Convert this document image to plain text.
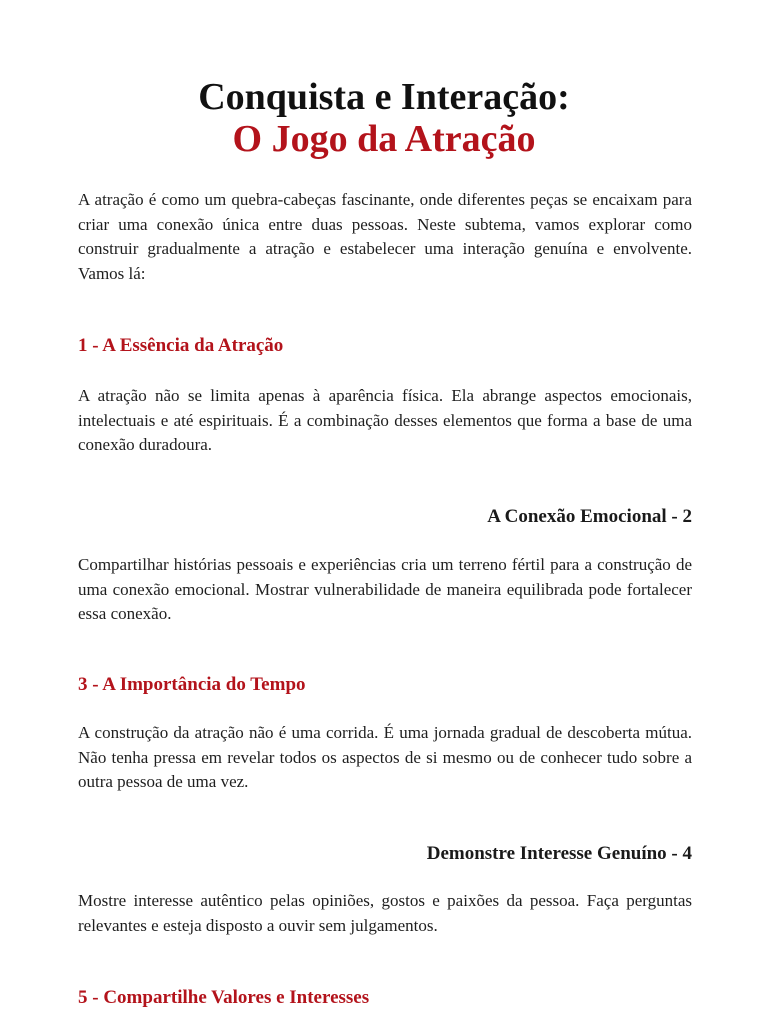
Conquista e Interação:
O Jogo da Atração
A atração é como um quebra-cabeças fascinante, onde diferentes peças se encaixam para criar uma conexão única entre duas pessoas. Neste subtema, vamos explorar como construir gradualmente a atração e estabelecer uma interação genuína e envolvente. Vamos lá:
1 - A Essência da Atração
A atração não se limita apenas à aparência física. Ela abrange aspectos emocionais, intelectuais e até espirituais. É a combinação desses elementos que forma a base de uma conexão duradoura.
A Conexão Emocional - 2
Compartilhar histórias pessoais e experiências cria um terreno fértil para a construção de uma conexão emocional. Mostrar vulnerabilidade de maneira equilibrada pode fortalecer essa conexão.
3 - A Importância do Tempo
A construção da atração não é uma corrida. É uma jornada gradual de descoberta mútua. Não tenha pressa em revelar todos os aspectos de si mesmo ou de conhecer tudo sobre a outra pessoa de uma vez.
Demonstre Interesse Genuíno - 4
Mostre interesse autêntico pelas opiniões, gostos e paixões da pessoa. Faça perguntas relevantes e esteja disposto a ouvir sem julgamentos.
5 - Compartilhe Valores e Interesses
